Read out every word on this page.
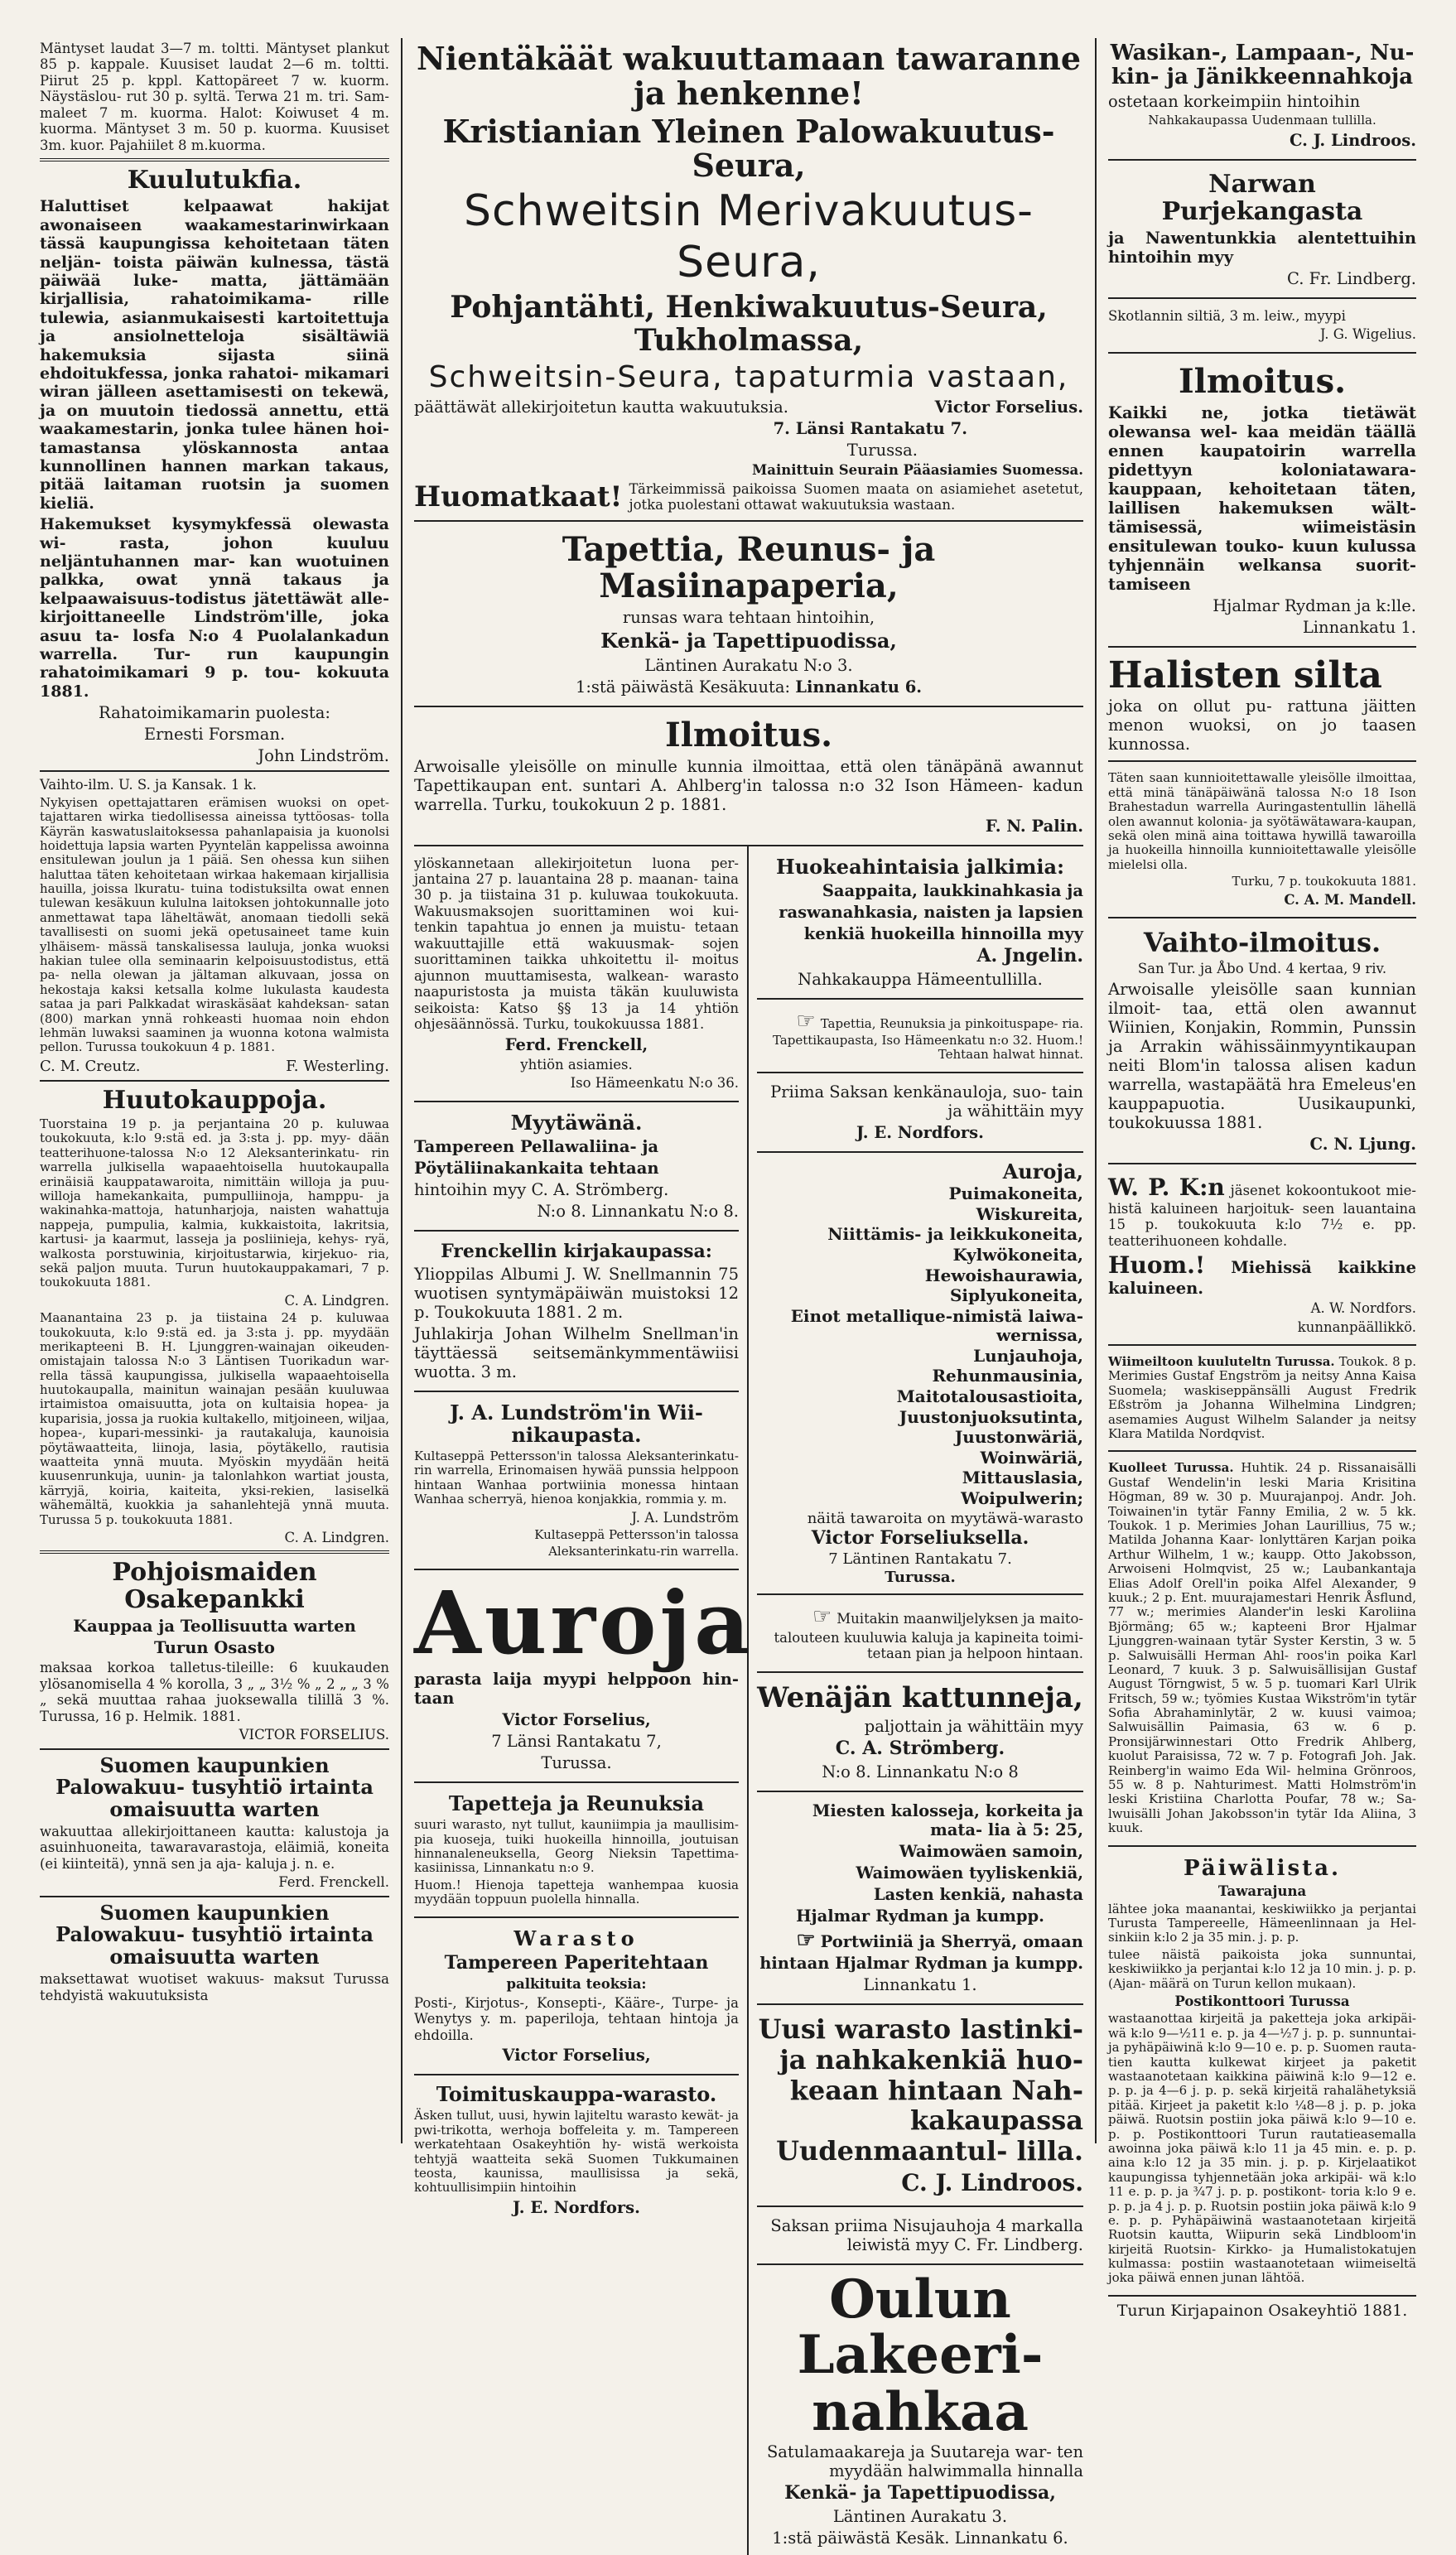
Mäntyset laudat 3—7 m. toltti. Mäntyset plankut 85 p. kappale. Kuusiset laudat 2—6 m. toltti. Piirut 25 p. kppl. Kattopäreet 7 w. kuorm. Näystäslou- rut 30 p. syltä. Terwa 21 m. tri. Sam- maleet 7 m. kuorma. Halot: Koiwuset 4 m. kuorma. Mäntyset 3 m. 50 p. kuorma. Kuusiset 3m. kuor. Pajahiilet 8 m.kuorma.

Kuulutukfia.

Haluttiset kelpaawat hakijat awonaiseen waakamestarinwirkaan tässä kaupungissa kehoitetaan täten neljän- toista päiwän kulnessa, tästä päiwää luke- matta, jättämään kirjallisia, rahatoimikama- rille tulewia, asianmukaisesti kartoitettuja ja ansiolnetteloja sisältäwiä hakemuksia sijasta siinä ehdoitukfessa, jonka rahatoi- mikamari wiran jälleen asettamisesti on tekewä, ja on muutoin tiedossä annettu, että waakamestarin, jonka tulee hänen hoi- tamastansa ylöskannosta antaa kunnollinen hannen markan takaus, pitää laitaman ruotsin ja suomen kieliä.

Hakemukset kysymykfessä olewasta wi- rasta, johon kuuluu neljäntuhannen mar- kan wuotuinen palkka, owat ynnä takaus ja kelpaawaisuus-todistus jätettäwät alle- kirjoittaneelle Lindström'ille, joka asuu ta- losfa N:o 4 Puolalankadun warrella. Tur- run kaupungin rahatoimikamari 9 p. tou- kokuuta 1881.

Rahatoimikamarin puolesta:

Ernesti Forsman.

John Lindström.

Vaihto-ilm. U. S. ja Kansak. 1 k.

Nykyisen opettajattaren erämisen wuoksi on opet- tajattaren wirka tiedollisessa aineissa tyttöosas- tolla Käyrän kaswatuslaitoksessa pahanlapaisia ja kuonolsi hoidettuja lapsia warten Pyyntelän kappelissa awoinna ensitulewan joulun ja 1 päiä. Sen ohessa kun siihen haluttaa täten kehoitetaan wirkaa hakemaan kirjallisia hauilla, joissa lkuratu- tuina todistuksilta owat ennen tulewan kesäkuun kululna laitoksen johtokunnalle joto anmettawat tapa läheltäwät, anomaan tiedolli sekä tavallisesti on suomi jekä opetusaineet tame kuin ylhäisem- mässä tanskalisessa lauluja, jonka wuoksi hakian tulee olla seminaarin kelpoisuustodistus, että pa- nella olewan ja jältaman alkuvaan, jossa on hekostaja kaksi ketsalla kolme lukulasta kaudesta sataa ja pari Palkkadat wiraskäsäat kahdeksan- satan (800) markan ynnä rohkeasti huomaa noin ehdon lehmän luwaksi saaminen ja wuonna kotona walmista pellon. Turussa toukokuun 4 p. 1881.

C. M. Creutz.	F. Westerling.
Huutokauppoja.

Tuorstaina 19 p. ja perjantaina 20 p. kuluwaa toukokuuta, k:lo 9:stä ed. ja 3:sta j. pp. myy- dään teatterihuone-talossa N:o 12 Aleksanterinkatu- rin warrella julkisella wapaaehtoisella huutokaupalla erinäisiä kauppatawaroita, nimittäin willoja ja puu- willoja hamekankaita, pumpulliinoja, hamppu- ja wakinahka-mattoja, hatunharjoja, naisten wahattuja nappeja, pumpulia, kalmia, kukkaistoita, lakritsia, kartusi- ja kaarmut, lasseja ja posliinieja, kehys- ryä, walkosta porstuwinia, kirjoitustarwia, kirjekuo- ria, sekä paljon muuta. Turun huutokauppakamari, 7 p. toukokuuta 1881.

C. A. Lindgren.

Maanantaina 23 p. ja tiistaina 24 p. kuluwaa toukokuuta, k:lo 9:stä ed. ja 3:sta j. pp. myydään merikapteeni B. H. Ljunggren-wainajan oikeuden- omistajain talossa N:o 3 Läntisen Tuorikadun war- rella tässä kaupungissa, julkisella wapaaehtoisella huutokaupalla, mainitun wainajan pesään kuuluwaa irtaimistoa omaisuutta, jota on kultaisia hopea- ja kuparisia, jossa ja ruokia kultakello, mitjoineen, wiljaa, hopea-, kupari-messinki- ja rautakaluja, kaunoisia pöytäwaatteita, liinoja, lasia, pöytäkello, rautisia waatteita ynnä muuta. Myöskin myydään heitä kuusenrunkuja, uunin- ja talonlahkon wartiat jousta, kärryjä, koiria, kaiteita, yksi-rekien, lasiselkä wähemältä, kuokkia ja sahanlehtejä ynnä muuta. Turussa 5 p. toukokuuta 1881.

C. A. Lindgren.

Pohjoismaiden Osakepankki

Kauppaa ja Teollisuutta warten

Turun Osasto

maksaa korkoa talletus-tileille: 6 kuukauden ylösanomisella 4 % korolla, 3 „ „ 3½ % „ 2 „ „ 3 % „ sekä muuttaa rahaa juoksewalla tilillä 3 %. Turussa, 16 p. Helmik. 1881.

VICTOR FORSELIUS.

Suomen kaupunkien Palowakuu- tusyhtiö irtainta omaisuutta warten

wakuuttaa allekirjoittaneen kautta: kalustoja ja asuinhuoneita, tawaravarastoja, eläimiä, koneita (ei kiinteitä), ynnä sen ja aja- kaluja j. n. e.

Ferd. Frenckell.

Suomen kaupunkien Palowakuu- tusyhtiö irtainta omaisuutta warten

maksettawat wuotiset wakuus- maksut Turussa tehdyistä wakuutuksista

Nientäkäät wakuuttamaan tawaranne ja henkenne!
Kristianian Yleinen Palowakuutus-Seura,
Schweitsin Merivakuutus-Seura,
Pohjantähti, Henkiwakuutus-Seura, Tukholmassa,
Schweitsin-Seura, tapaturmia vastaan,
päättäwät allekirjoitetun kautta wakuutuksia.	Victor Forselius.

7. Länsi Rantakatu 7.

Turussa.

Mainittuin Seurain Pääasiamies Suomessa.

Huomatkaat! Tärkeimmissä paikoissa Suomen maata on asiamiehet asetetut, jotka puolestani ottawat wakuutuksia wastaan.
Tapettia, Reunus- ja Masiinapaperia,

runsas wara tehtaan hintoihin,

Kenkä- ja Tapettipuodissa,

Läntinen Aurakatu N:o 3.

1:stä päiwästä Kesäkuuta: Linnankatu 6.

Ilmoitus.

Arwoisalle yleisölle on minulle kunnia ilmoittaa, että olen tänäpänä awannut Tapettikaupan ent. suntari A. Ahlberg'in talossa n:o 32 Ison Hämeen- kadun warrella. Turku, toukokuun 2 p. 1881.

F. N. Palin.

ylöskannetaan allekirjoitetun luona per- jantaina 27 p. lauantaina 28 p. maanan- taina 30 p. ja tiistaina 31 p. kuluwaa toukokuuta. Wakuusmaksojen suorittaminen woi kui- tenkin tapahtua jo ennen ja muistu- tetaan wakuuttajille että wakuusmak- sojen suorittaminen taikka uhkoitettu il- moitus ajunnon muuttamisesta, walkean- warasto naapuristosta ja muista täkän kuuluwista seikoista: Katso §§ 13 ja 14 yhtiön ohjesäännössä. Turku, toukokuussa 1881.

Ferd. Frenckell,

yhtiön asiamies.

Iso Hämeenkatu N:o 36.

Myytäwänä.

Tampereen Pellawaliina- ja

Pöytäliinakankaita tehtaan

hintoihin myy C. A. Strömberg.

N:o 8. Linnankatu N:o 8.

Frenckellin kirjakaupassa:

Ylioppilas Albumi J. W. Snellmannin 75 wuotisen syntymäpäiwän muistoksi 12 p. Toukokuuta 1881. 2 m.

Juhlakirja Johan Wilhelm Snellman'in täyttäessä seitsemänkymmentäwiisi wuotta. 3 m.

J. A. Lundström'in Wii- nikaupasta.

Kultaseppä Pettersson'in talossa Aleksanterinkatu- rin warrella, Erinomaisen hywää punssia helppoon hintaan Wanhaa portwiinia monessa hintaan Wanhaa scherryä, hienoa konjakkia, rommia y. m.

J. A. Lundström

Kultaseppä Pettersson'in talossa

Aleksanterinkatu-rin warrella.

Auroja

parasta laija myypi helppoon hin- taan

Victor Forselius,

7 Länsi Rantakatu 7,

Turussa.

Tapetteja ja Reunuksia

suuri warasto, nyt tullut, kauniimpia ja maullisim- pia kuoseja, tuiki huokeilla hinnoilla, joutuisan hinnanaleneuksella, Georg Nieksin Tapettima- kasiinissa, Linnankatu n:o 9.

Huom.! Hienoja tapetteja wanhempaa kuosia myydään toppuun puolella hinnalla.

Warasto
Tampereen Paperitehtaan

palkituita teoksia:

Posti-, Kirjotus-, Konsepti-, Kääre-, Turpe- ja Wenytys y. m. paperiloja, tehtaan hintoja ja ehdoilla.

Victor Forselius,

Toimituskauppa-warasto.

Äsken tullut, uusi, hywin lajiteltu warasto kewät- ja pwi-trikotta, werhoja boffeleita y. m. Tampereen werkatehtaan Osakeyhtiön hy- wistä werkoista tehtyjä waatteita sekä Suomen Tukkumainen teosta, kaunissa, maullisissa ja sekä, kohtuullisimpiin hintoihin

J. E. Nordfors.

Huokeahintaisia jalkimia:

Saappaita, laukkinahkasia ja

raswanahkasia, naisten ja lapsien

kenkiä huokeilla hinnoilla myy

A. Jngelin.

Nahkakauppa Hämeentullilla.

☞ Tapettia, Reunuksia ja pinkoituspape- ria. Tapettikaupasta, Iso Hämeenkatu n:o 32. Huom.! Tehtaan halwat hinnat.

Priima Saksan kenkänauloja, suo- tain ja wähittäin myy

J. E. Nordfors.

Auroja,

Puimakoneita,

Wiskureita,

Niittämis- ja leikkukoneita,

Kylwökoneita,

Hewoishaurawia,

Siplyukoneita,

Einot metallique-nimistä laiwa-wernissa,

Lunjauhoja,

Rehunmausinia,

Maitotalousastioita,

Juustonjuoksutinta,

Juustonwäriä,

Woinwäriä,

Mittauslasia,

Woipulwerin;

näitä tawaroita on myytäwä-warasto

Victor Forseliuksella.

7 Läntinen Rantakatu 7.

Turussa.

☞ Muitakin maanwiljelyksen ja maito- talouteen kuuluwia kaluja ja kapineita toimi- tetaan pian ja helpoon hintaan.

Wenäjän kattunneja,

paljottain ja wähittäin myy

C. A. Strömberg.

N:o 8. Linnankatu N:o 8

Miesten kalosseja, korkeita ja mata- lia à 5: 25,

Waimowäen samoin,

Waimowäen tyyliskenkiä,

Lasten kenkiä, nahasta

Hjalmar Rydman ja kumpp.

☞ Portwiiniä ja Sherryä, omaan hintaan Hjalmar Rydman ja kumpp.

Linnankatu 1.

Uusi warasto lastinki- ja nahkakenkiä huo- keaan hintaan Nah- kakaupassa Uudenmaantul- lilla.

C. J. Lindroos.

Saksan priima Nisujauhoja 4 markalla leiwistä myy C. Fr. Lindberg.

Oulun Lakeeri-
nahkaa

Satulamaakareja ja Suutareja war- ten myydään halwimmalla hinnalla

Kenkä- ja Tapettipuodissa,

Läntinen Aurakatu 3.

1:stä päiwästä Kesäk. Linnankatu 6.

Wasikan-, Lampaan-, Nu- kin- ja Jänikkeennahkoja

ostetaan korkeimpiin hintoihin

Nahkakaupassa Uudenmaan tullilla.

C. J. Lindroos.

Narwan Purjekangasta

ja Nawentunkkia alentettuihin hintoihin myy

C. Fr. Lindberg.

Skotlannin siltiä, 3 m. leiw., myypi

J. G. Wigelius.

Ilmoitus.

Kaikki ne, jotka tietäwät olewansa wel- kaa meidän täällä ennen kaupatoirin warrella pidettyyn koloniatawara-kauppaan, kehoitetaan täten, laillisen hakemuksen wält- tämisessä, wiimeistäsin ensitulewan touko- kuun kulussa tyhjennäin welkansa suorit- tamiseen

Hjalmar Rydman ja k:lle.

Linnankatu 1.

Halisten silta joka on ollut pu- rattuna jäitten menon wuoksi, on jo taasen kunnossa.

Täten saan kunnioitettawalle yleisölle ilmoittaa, että minä tänäpäiwänä talossa N:o 18 Ison Brahestadun warrella Auringastentullin lähellä olen awannut kolonia- ja syötäwätawara-kaupan, sekä olen minä aina toittawa hywillä tawaroilla ja huokeilla hinnoilla kunnioitettawalle yleisölle mielelsi olla.

Turku, 7 p. toukokuuta 1881.

C. A. M. Mandell.

Vaihto-ilmoitus.

San Tur. ja Åbo Und. 4 kertaa, 9 riv.

Arwoisalle yleisölle saan kunnian ilmoit- taa, että olen awannut Wiinien, Konjakin, Rommin, Punssin ja Arrakin wähissäinmyyntikaupan neiti Blom'in talossa alisen kadun warrella, wastapäätä hra Emeleus'en kauppapuotia. Uusikaupunki, toukokuussa 1881.

C. N. Ljung.

W. P. K:n jäsenet kokoontukoot mie- histä kaluineen harjoituk- seen lauantaina 15 p. toukokuuta k:lo 7½ e. pp. teatterihuoneen kohdalle.

Huom.! Miehissä kaikkine kaluineen.

A. W. Nordfors.

kunnanpäällikkö.

Wiimeiltoon kuuluteltn Turussa. Toukok. 8 p. Merimies Gustaf Engström ja neitsy Anna Kaisa Suomela; waskiseppänsälli August Fredrik Eßström ja Johanna Wilhelmina Lindgren; asemamies August Wilhelm Salander ja neitsy Klara Matilda Nordqvist.

Kuolleet Turussa. Huhtik. 24 p. Rissanaisälli Gustaf Wendelin'in leski Maria Krisitina Högman, 89 w. 30 p. Muurajanpoj. Andr. Joh. Toiwainen'in tytär Fanny Emilia, 2 w. 5 kk. Toukok. 1 p. Merimies Johan Laurillius, 75 w.; Matilda Johanna Kaar- lonlyttären Karjan poika Arthur Wilhelm, 1 w.; kaupp. Otto Jakobsson, Arwoiseni Holmqvist, 25 w.; Laubankantaja Elias Adolf Orell'in poika Alfel Alexander, 9 kuuk.; 2 p. Ent. muurajamestari Henrik Åsflund, 77 w.; merimies Alander'in leski Karoliina Björmäng; 65 w.; kapteeni Bror Hjalmar Ljunggren-wainaan tytär Syster Kerstin, 3 w. 5 p. Salwuisälli Herman Ahl- roos'in poika Karl Leonard, 7 kuuk. 3 p. Salwuisällisijan Gustaf August Törngwist, 5 w. 5 p. tuomari Karl Ulrik Fritsch, 59 w.; työmies Kustaa Wikström'in tytär Sofia Abrahaminlytär, 2 w. kuusi vaimoa; Salwuisällin Paimasia, 63 w. 6 p. Pronsijärwinnestari Otto Fredrik Ahlberg, kuolut Paraisissa, 72 w. 7 p. Fotografi Joh. Jak. Reinberg'in waimo Eda Wil- helmina Grönroos, 55 w. 8 p. Nahturimest. Matti Holmström'in leski Kristiina Charlotta Poufar, 78 w.; Sa- lwuisälli Johan Jakobsson'in tytär Ida Aliina, 3 kuuk.

Päiwälista.

Tawarajuna

lähtee joka maanantai, keskiwiikko ja perjantai Turusta Tampereelle, Hämeenlinnaan ja Hel- sinkiin k:lo 2 ja 35 min. j. p. p.

tulee näistä paikoista joka sunnuntai, keskiwiikko ja perjantai k:lo 12 ja 10 min. j. p. p. (Ajan- määrä on Turun kellon mukaan).

Postikonttoori Turussa

wastaanottaa kirjeitä ja paketteja joka arkipäi- wä k:lo 9—½11 e. p. ja 4—½7 j. p. p. sunnuntai- ja pyhäpäiwinä k:lo 9—10 e. p. p. Suomen rauta-tien kautta kulkewat kirjeet ja paketit wastaanotetaan kaikkina päiwinä k:lo 9—12 e. p. p. ja 4—6 j. p. p. sekä kirjeitä rahalähetyksiä pitää. Kirjeet ja paketit k:lo ¼8—8 j. p. p. joka päiwä. Ruotsin postiin joka päiwä k:lo 9—10 e. p. p. Postikonttoori Turun rautatieasemalla awoinna joka päiwä k:lo 11 ja 45 min. e. p. p. aina k:lo 12 ja 35 min. j. p. p. Kirjelaatikot kaupungissa tyhjennetään joka arkipäi- wä k:lo 11 e. p. p. ja ¾7 j. p. p. postikont- toria k:lo 9 e. p. p. ja 4 j. p. p. Ruotsin postiin joka päiwä k:lo 9 e. p. p. Pyhäpäiwinä wastaanotetaan kirjeitä Ruotsin kautta, Wiipurin sekä Lindbloom'in kirjeitä Ruotsin- Kirkko- ja Humalistokatujen kulmassa: postiin wastaanotetaan wiimeiseltä joka päiwä ennen junan lähtöä.

Turun Kirjapainon Osakeyhtiö 1881.
